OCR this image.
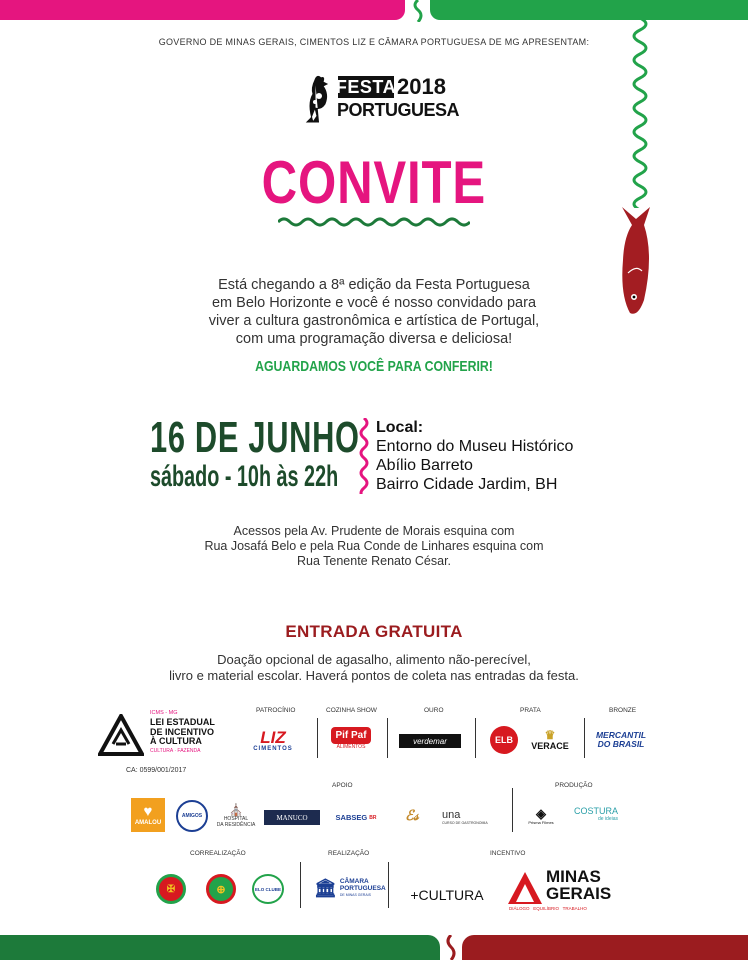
GOVERNO DE MINAS GERAIS, CIMENTOS LIZ E CÂMARA PORTUGUESA DE MG APRESENTAM:
FESTA 2018
PORTUGUESA
CONVITE
Está chegando a 8ª edição da Festa Portuguesa
em Belo Horizonte e você é nosso convidado para
viver a cultura gastronômica e artística de Portugal,
com uma programação diversa e deliciosa!
AGUARDAMOS VOCÊ PARA CONFERIR!
16 DE JUNHO
sábado - 10h às 22h
Local:
Entorno do Museu Histórico
Abílio Barreto
Bairro Cidade Jardim, BH
Acessos pela Av. Prudente de Morais esquina com
Rua Josafá Belo e pela Rua Conde de Linhares esquina com
Rua Tenente Renato César.
ENTRADA GRATUITA
Doação opcional de agasalho, alimento não-perecível,
livro e material escolar. Haverá pontos de coleta nas entradas da festa.
ICMS - MG
LEI ESTADUAL
DE INCENTIVO
À CULTURA
CULTURA · FAZENDA
CA: 0599/001/2017
PATROCÍNIO
LIZ
CIMENTOS
COZINHA SHOW
Pif Paf
ALIMENTOS
OURO
verdemar
PRATA
ELB	♛
VERACE
BRONZE
MERCANTIL
DO BRASIL
APOIO
♥
AMALOU
AMIGOS ⛪
HOSPITAL
DA RESIDÊNCIA
MANUCO	SABSEG BR ℰ𝓈 una
CURSO DE GASTRONOMIA
PRODUÇÃO
◈
Prisma Filmes
COSTURA
de ideias
CORREALIZAÇÃO
✠	⊕	ELO CLUBE
REALIZAÇÃO
🏛 CÂMARA
PORTUGUESA
DE MINAS GERAIS
INCENTIVO
+CULTURA
MINAS
GERAIS
DIÁLOGO   EQUILÍBRIO   TRABALHO
